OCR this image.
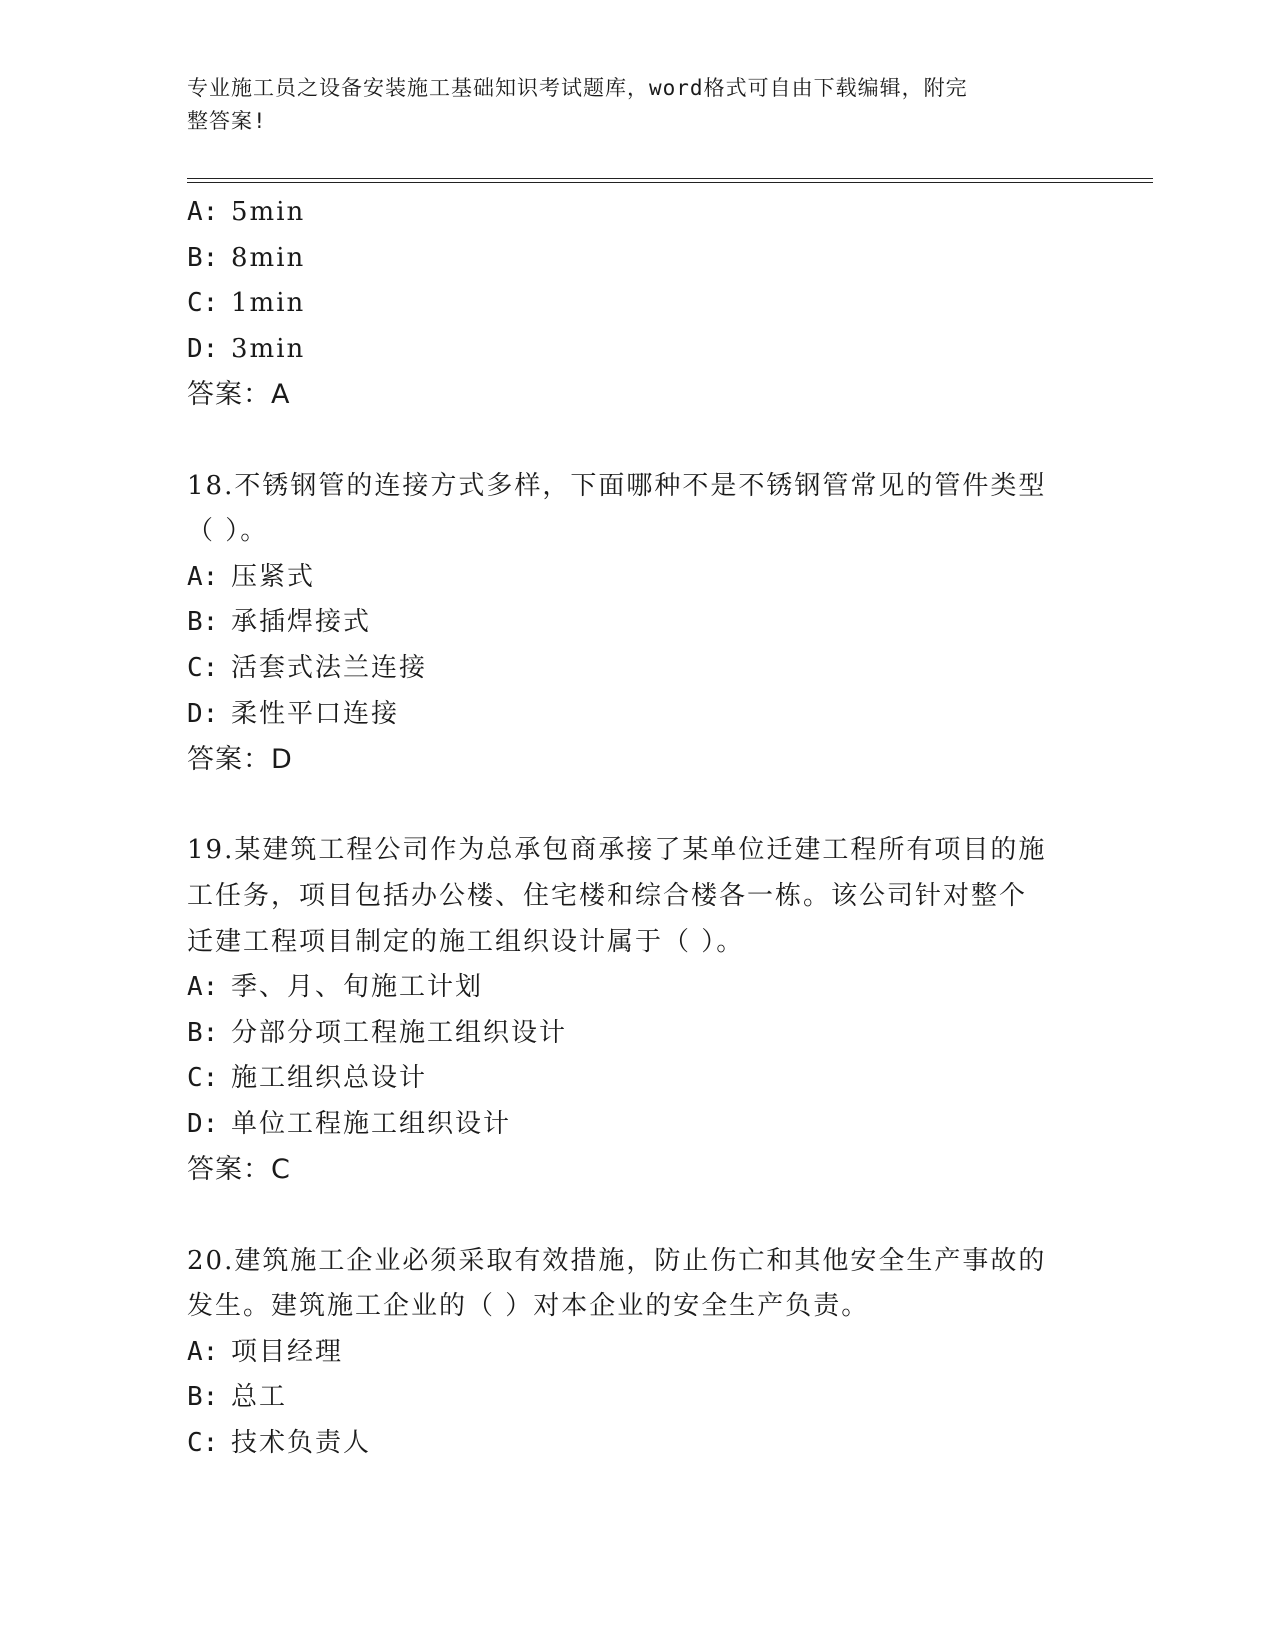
专业施工员之设备安装施工基础知识考试题库，word格式可自由下载编辑，附完
整答案!
A: 5min
B: 8min
C: 1min
D: 3min
答案：A
18.不锈钢管的连接方式多样，下面哪种不是不锈钢管常见的管件类型
（ ）。
A: 压紧式
B: 承插焊接式
C: 活套式法兰连接
D: 柔性平口连接
答案：D
19.某建筑工程公司作为总承包商承接了某单位迁建工程所有项目的施
工任务，项目包括办公楼、住宅楼和综合楼各一栋。该公司针对整个
迁建工程项目制定的施工组织设计属于（ ）。
A: 季、月、旬施工计划
B: 分部分项工程施工组织设计
C: 施工组织总设计
D: 单位工程施工组织设计
答案：C
20.建筑施工企业必须采取有效措施，防止伤亡和其他安全生产事故的
发生。建筑施工企业的（ ）对本企业的安全生产负责。
A: 项目经理
B: 总工
C: 技术负责人
